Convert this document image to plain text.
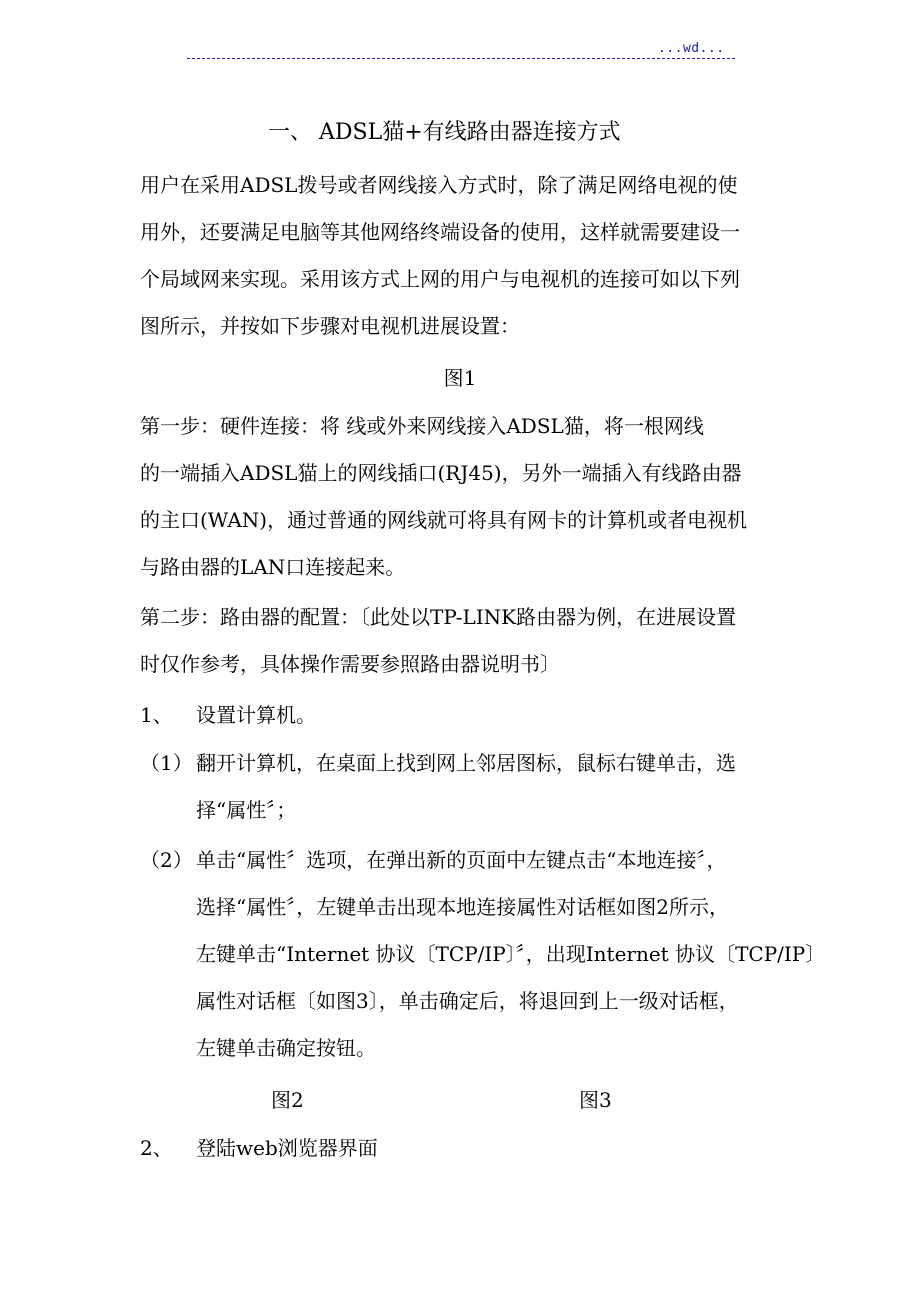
...wd...
一、 ADSL猫+有线路由器连接方式
用户在采用ADSL拨号或者网线接入方式时，除了满足网络电视的使
用外，还要满足电脑等其他网络终端设备的使用，这样就需要建设一
个局域网来实现。采用该方式上网的用户与电视机的连接可如以下列
图所示，并按如下步骤对电视机进展设置：
图1
第一步：硬件连接：将 线或外来网线接入ADSL猫，将一根网线
的一端插入ADSL猫上的网线插口(RJ45)，另外一端插入有线路由器
的主口(WAN)，通过普通的网线就可将具有网卡的计算机或者电视机
与路由器的LAN口连接起来。
第二步：路由器的配置：〔此处以TP-LINK路由器为例，在进展设置
时仅作参考，具体操作需要参照路由器说明书〕
1、 设置计算机。
（1） 翻开计算机，在桌面上找到网上邻居图标，鼠标右键单击，选
择“属性〞；
（2） 单击“属性〞选项，在弹出新的页面中左键点击“本地连接〞，
选择“属性〞，左键单击出现本地连接属性对话框如图2所示，
左键单击“Internet 协议〔TCP/IP〕〞，出现Internet 协议〔TCP/IP〕
属性对话框〔如图3〕，单击确定后，将退回到上一级对话框，
左键单击确定按钮。
图2	图3
2、 登陆web浏览器界面
